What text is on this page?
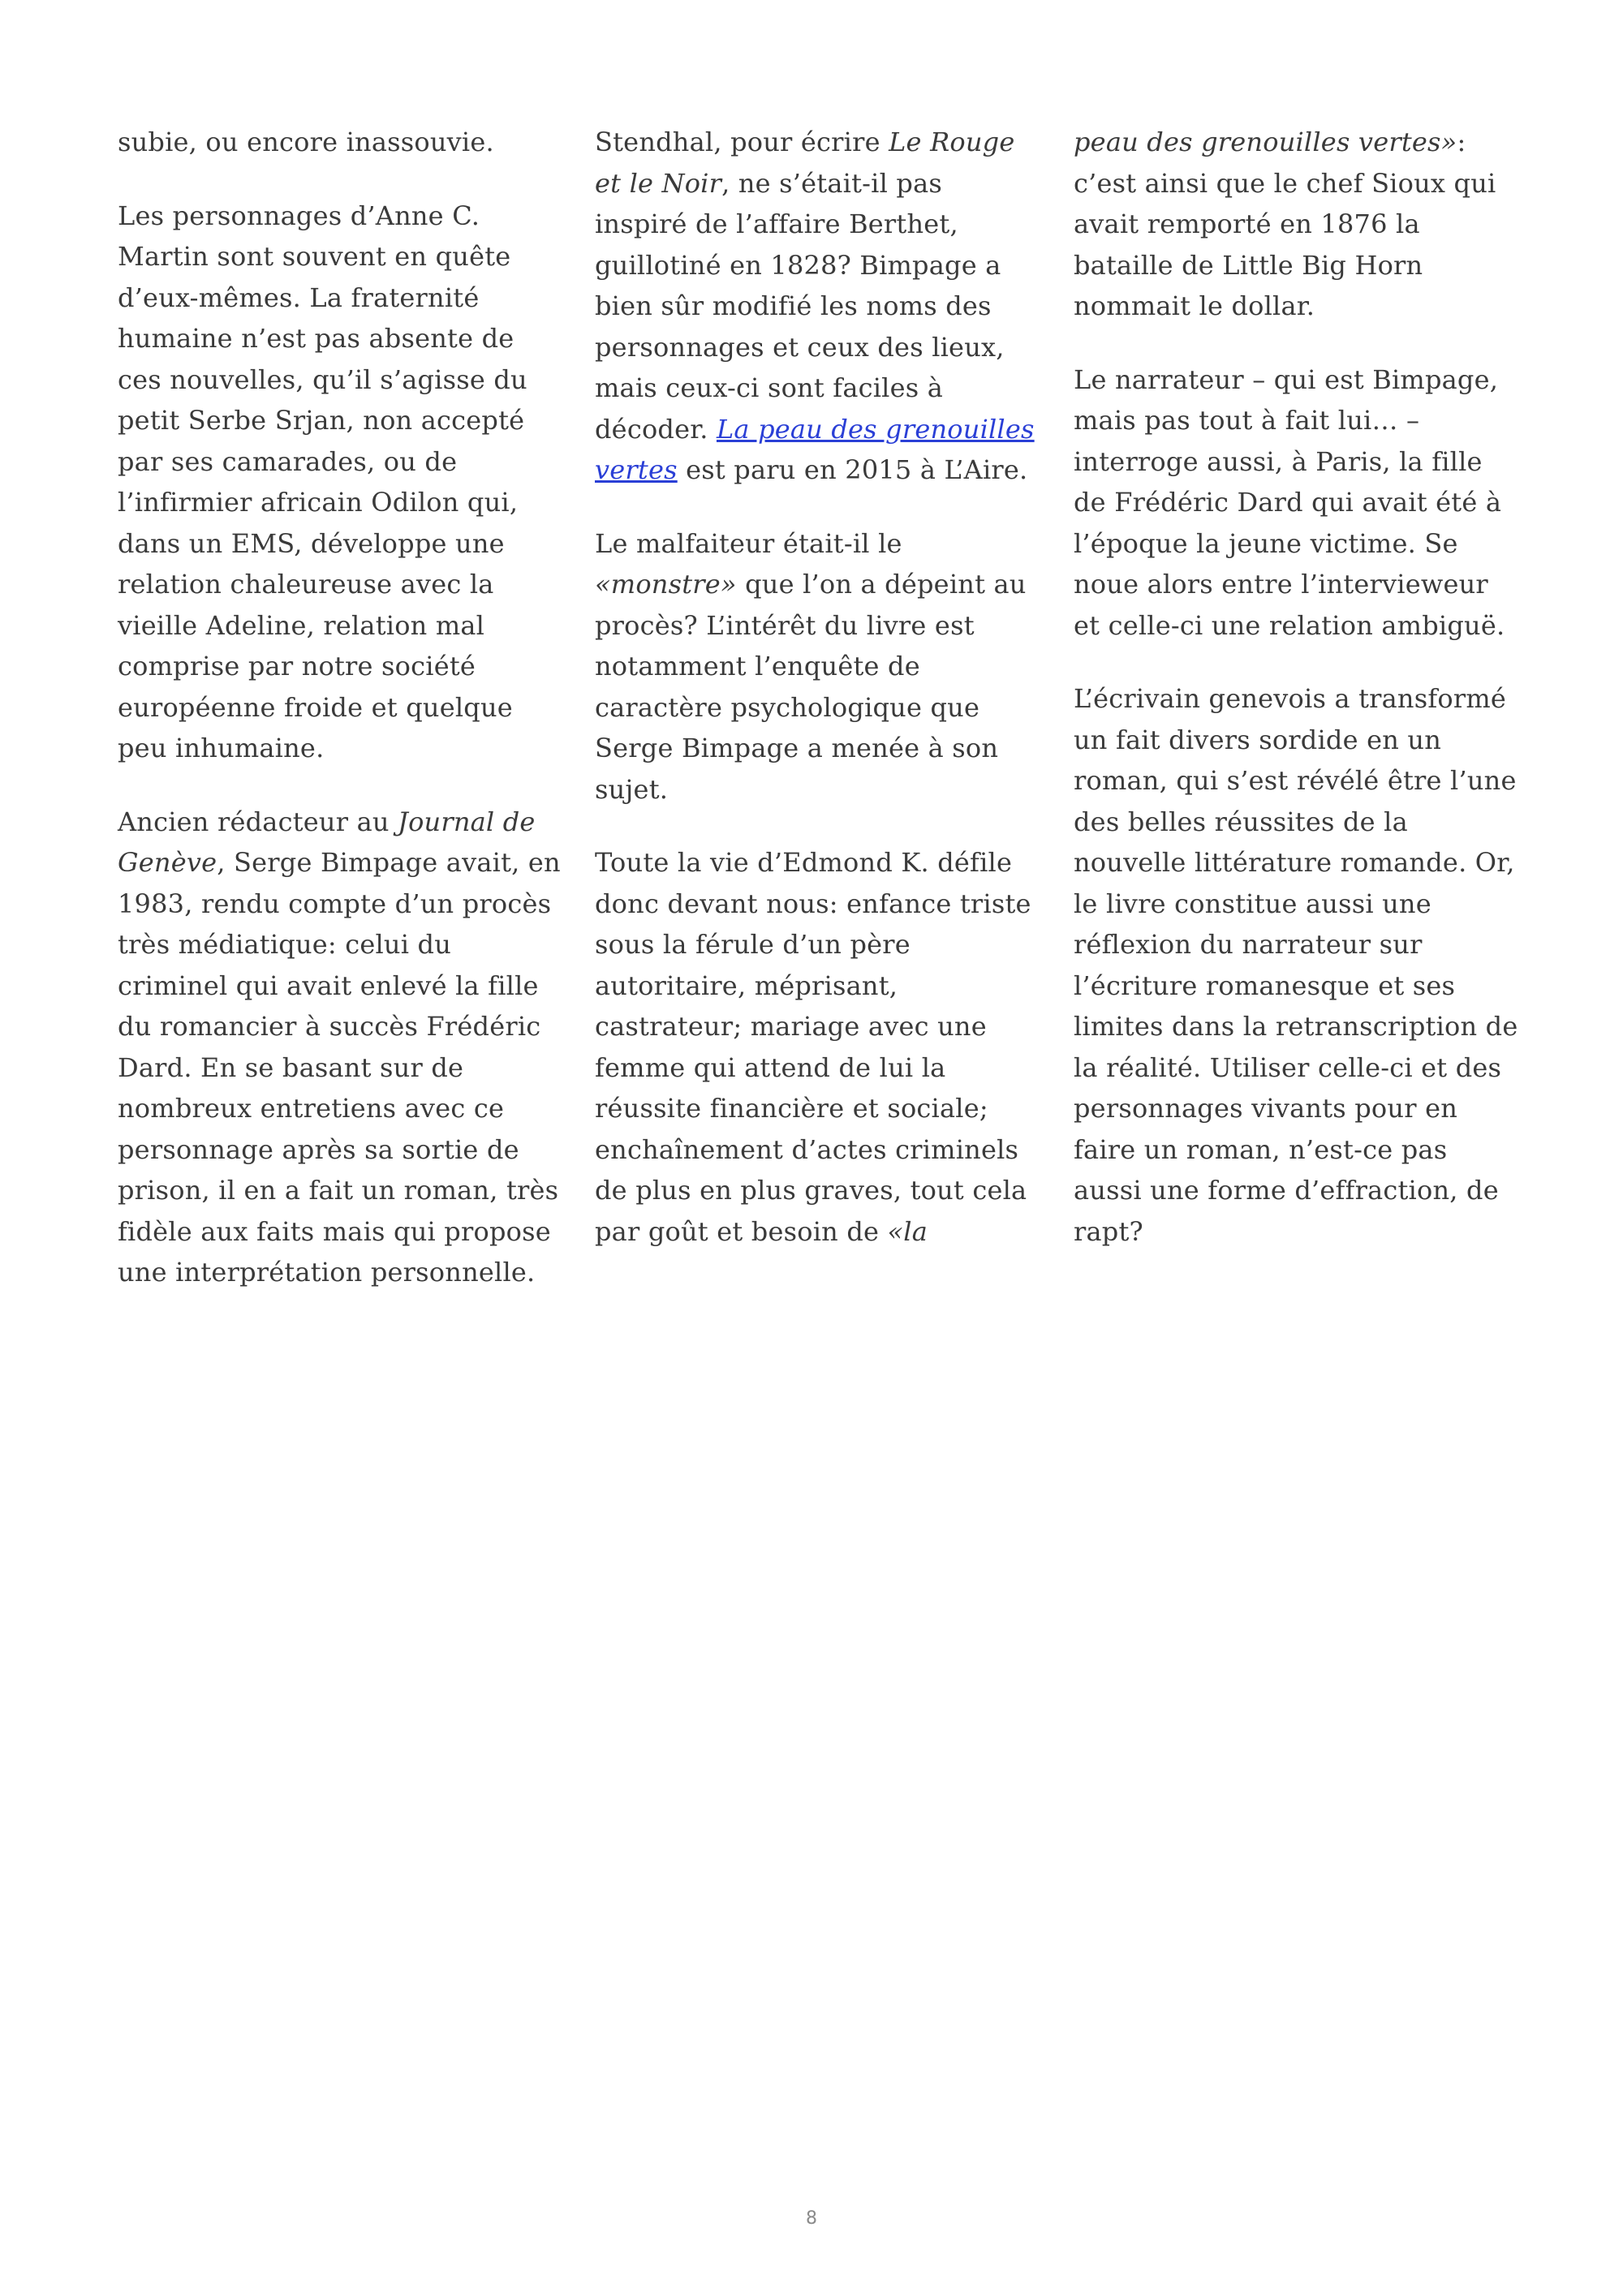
subie, ou encore inassouvie.

Les personnages d’Anne C. Martin sont souvent en quête d’eux-mêmes. La fraternité humaine n’est pas absente de ces nouvelles, qu’il s’agisse du petit Serbe Srjan, non accepté par ses camarades, ou de l’infirmier africain Odilon qui, dans un EMS, développe une relation chaleureuse avec la vieille Adeline, relation mal comprise par notre société européenne froide et quelque peu inhumaine.

Ancien rédacteur au Journal de Genève, Serge Bimpage avait, en 1983, rendu compte d’un procès très médiatique: celui du criminel qui avait enlevé la fille du romancier à succès Frédéric Dard. En se basant sur de nombreux entretiens avec ce personnage après sa sortie de prison, il en a fait un roman, très fidèle aux faits mais qui propose une interprétation personnelle.

Stendhal, pour écrire Le Rouge et le Noir, ne s’était-il pas inspiré de l’affaire Berthet, guillotiné en 1828? Bimpage a bien sûr modifié les noms des personnages et ceux des lieux, mais ceux-ci sont faciles à décoder. La peau des grenouilles vertes est paru en 2015 à L’Aire.

Le malfaiteur était-il le «monstre» que l’on a dépeint au procès? L’intérêt du livre est notamment l’enquête de caractère psychologique que Serge Bimpage a menée à son sujet.

Toute la vie d’Edmond K. défile donc devant nous: enfance triste sous la férule d’un père autoritaire, méprisant, castrateur; mariage avec une femme qui attend de lui la réussite financière et sociale; enchaînement d’actes criminels de plus en plus graves, tout cela par goût et besoin de «la

peau des grenouilles vertes»: c’est ainsi que le chef Sioux qui avait remporté en 1876 la bataille de Little Big Horn nommait le dollar.

Le narrateur – qui est Bimpage, mais pas tout à fait lui… – interroge aussi, à Paris, la fille de Frédéric Dard qui avait été à l’époque la jeune victime. Se noue alors entre l’intervieweur et celle-ci une relation ambiguë.

L’écrivain genevois a transformé un fait divers sordide en un roman, qui s’est révélé être l’une des belles réussites de la nouvelle littérature romande. Or, le livre constitue aussi une réflexion du narrateur sur l’écriture romanesque et ses limites dans la retranscription de la réalité. Utiliser celle-ci et des personnages vivants pour en faire un roman, n’est-ce pas aussi une forme d’effraction, de rapt?

8
